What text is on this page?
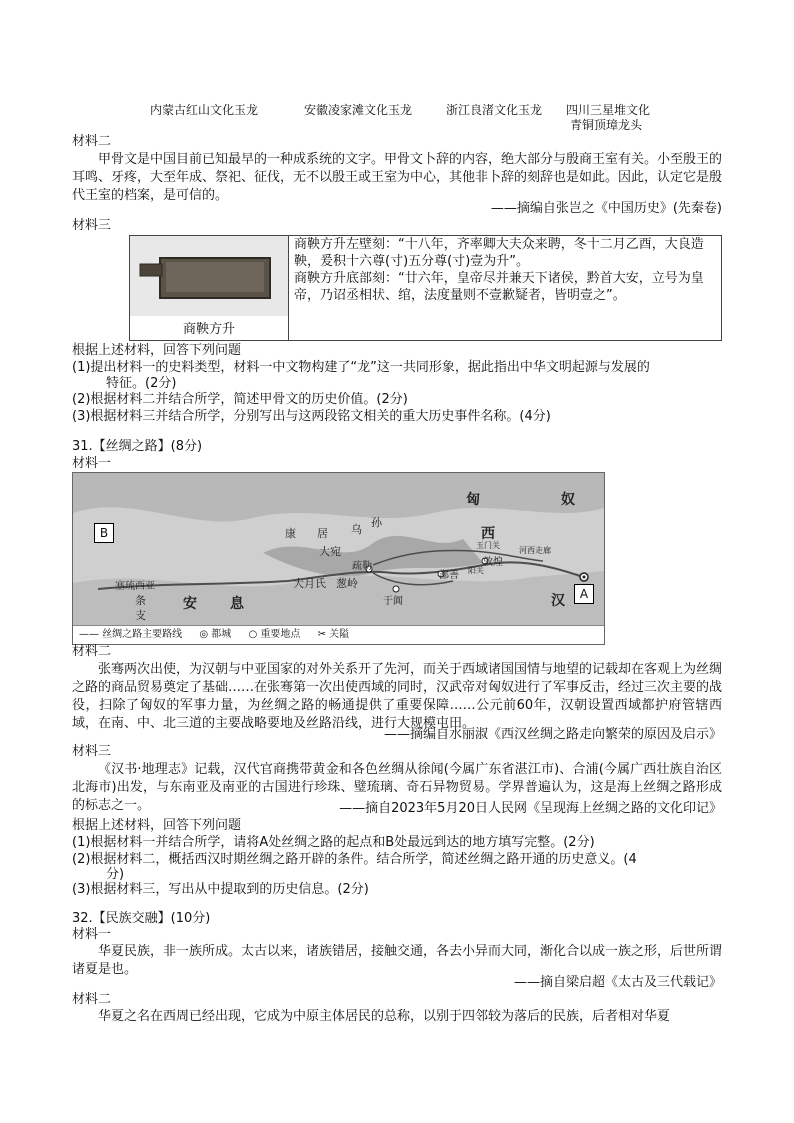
内蒙古红山文化玉龙	安徽凌家滩文化玉龙	浙江良渚文化玉龙 四川三星堆文化
青铜顶璋龙头
材料二
甲骨文是中国目前已知最早的一种成系统的文字。甲骨文卜辞的内容，绝大部分与殷商王室有关。小至殷王的耳鸣、牙疼，大至年成、祭祀、征伐，无不以殷王或王室为中心，其他非卜辞的刻辞也是如此。因此，认定它是殷代王室的档案，是可信的。
——摘编自张岂之《中国历史》(先秦卷)
材料三
商鞅方升

商鞅方升左壁刻：“十八年，齐率卿大夫众来聘，冬十二月乙酉，大良造鞅，爰积十六尊(寸)五分尊(寸)壹为升”。
商鞅方升底部刻：“廿六年，皇帝尽并兼天下诸侯，黔首大安，立号为皇帝，乃诏丞相状、绾，法度量则不壹歉疑者，皆明壹之”。
根据上述材料，回答下列问题
(1)提出材料一的史料类型，材料一中文物构建了“龙”这一共同形象，据此指出中华文明起源与发展的
特征。(2分)
(2)根据材料二并结合所学，简述甲骨文的历史价值。(2分)
(3)根据材料三并结合所学，分别写出与这两段铭文相关的重大历史事件名称。(4分)
31.【丝绸之路】(8分)
材料一
B
A
匈	奴
康 居 乌
孙
西
汉
大宛	玉门关
敦煌
河西走廊
阳关
疏勒
鄯善
大月氏 葱岭
于阗
塞琉西亚
条
支
安 息
—— 丝绸之路主要路线 ◎ 都城 ○ 重要地点 ✂ 关隘
材料二
张骞两次出使，为汉朝与中亚国家的对外关系开了先河，而关于西域诸国国情与地望的记载却在客观上为丝绸之路的商品贸易奠定了基础……在张骞第一次出使西域的同时，汉武帝对匈奴进行了军事反击，经过三次主要的战役，扫除了匈奴的军事力量，为丝绸之路的畅通提供了重要保障……公元前60年，汉朝设置西域都护府管辖西域，在南、中、北三道的主要战略要地及丝路沿线，进行大规模屯田。
——摘编自水丽淑《西汉丝绸之路走向繁荣的原因及启示》
材料三
《汉书·地理志》记载，汉代官商携带黄金和各色丝绸从徐闻(今属广东省湛江市)、合浦(今属广西壮族自治区北海市)出发，与东南亚及南亚的古国进行珍珠、璧琉璃、奇石异物贸易。学界普遍认为，这是海上丝绸之路形成的标志之一。	——摘自2023年5月20日人民网《呈现海上丝绸之路的文化印记》
根据上述材料，回答下列问题
(1)根据材料一并结合所学，请将A处丝绸之路的起点和B处最远到达的地方填写完整。(2分)
(2)根据材料二，概括西汉时期丝绸之路开辟的条件。结合所学，简述丝绸之路开通的历史意义。(4
分)
(3)根据材料三，写出从中提取到的历史信息。(2分)
32.【民族交融】(10分)
材料一
华夏民族，非一族所成。太古以来，诸族错居，接触交通，各去小异而大同，渐化合以成一族之形，后世所谓诸夏是也。
——摘自梁启超《太古及三代载记》
材料二
华夏之名在西周已经出现，它成为中原主体居民的总称，以别于四邻较为落后的民族，后者相对华夏
